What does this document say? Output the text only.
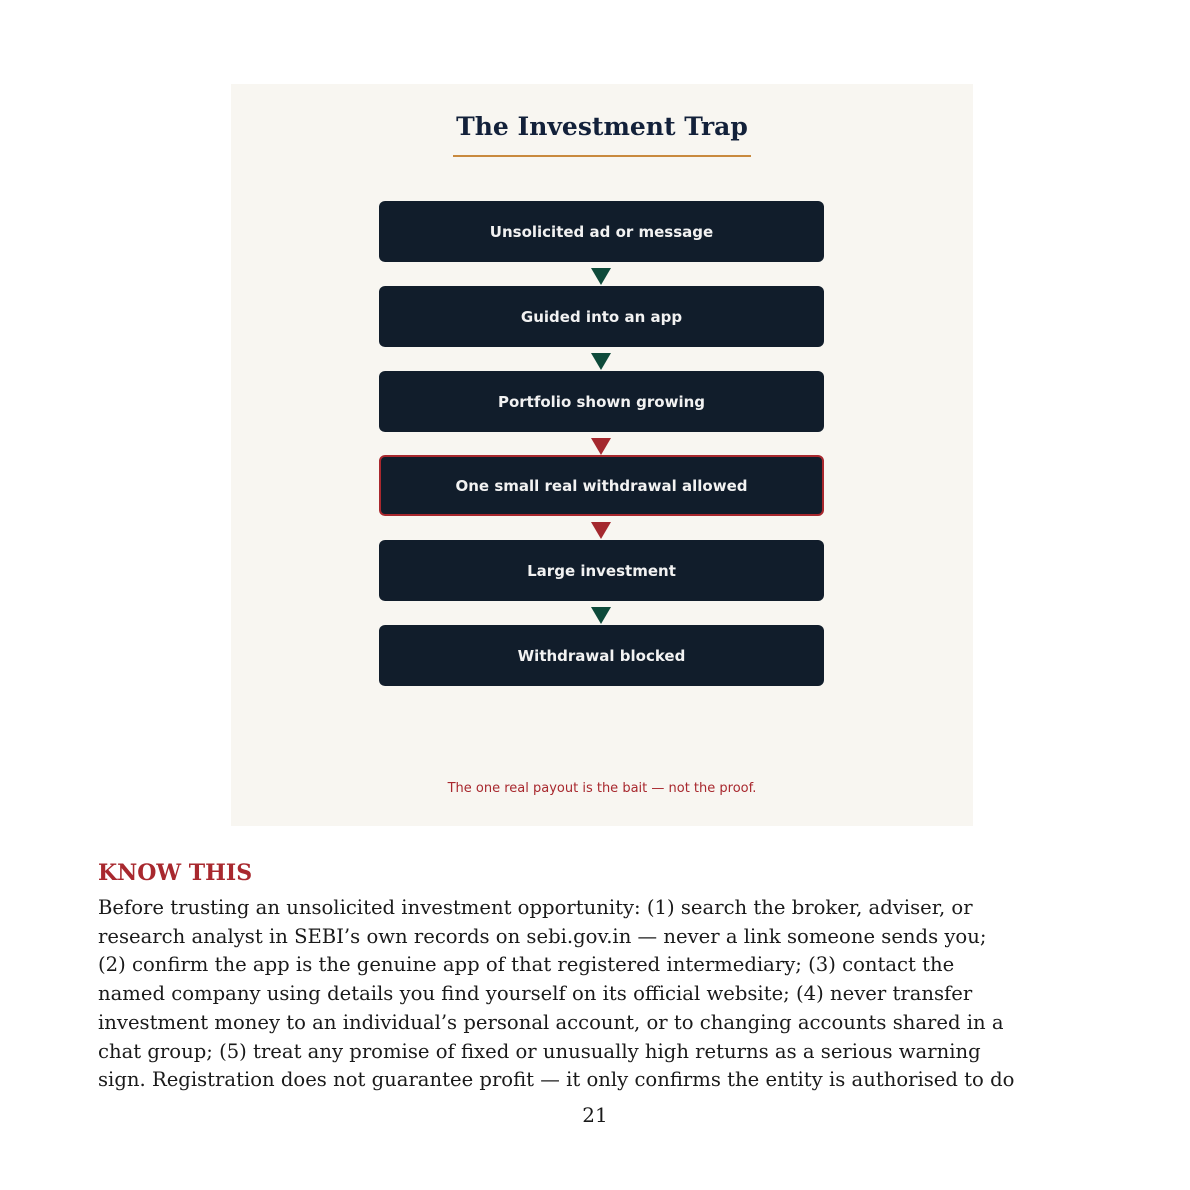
The Investment Trap
Unsolicited ad or message
Guided into an app
Portfolio shown growing
One small real withdrawal allowed
Large investment
Withdrawal blocked
The one real payout is the bait — not the proof.
KNOW THIS

Before trusting an unsolicited investment opportunity: (1) search the broker, adviser, or
research analyst in SEBI’s own records on sebi.gov.in — never a link someone sends you;
(2) confirm the app is the genuine app of that registered intermediary; (3) contact the
named company using details you find yourself on its official website; (4) never transfer
investment money to an individual’s personal account, or to changing accounts shared in a
chat group; (5) treat any promise of fixed or unusually high returns as a serious warning
sign. Registration does not guarantee profit — it only confirms the entity is authorised to do

21
